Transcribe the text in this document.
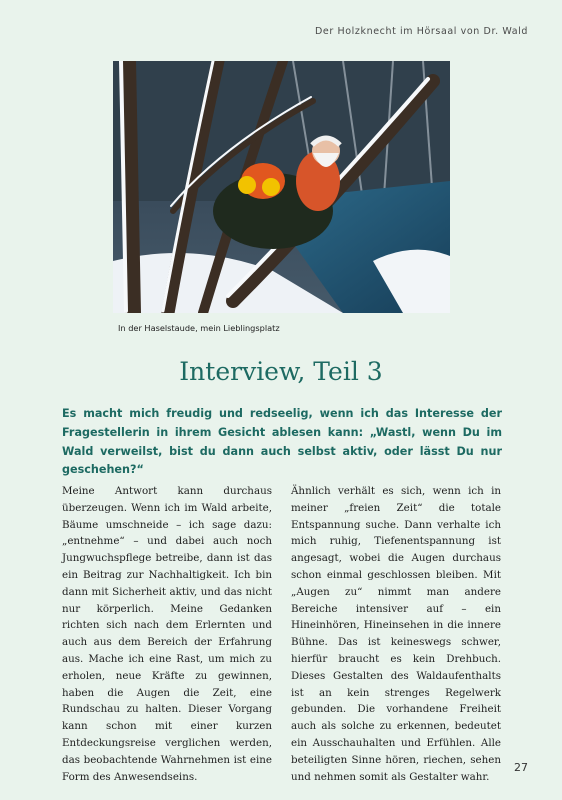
Der Holzknecht im Hörsaal von Dr. Wald
In der Haselstaude, mein Lieblingsplatz
Interview, Teil 3

Es macht mich freudig und redseelig, wenn ich das Interesse der Fragestellerin in ihrem Gesicht ablesen kann: „Wastl, wenn Du im Wald verweilst, bist du dann auch selbst aktiv, oder lässt Du nur geschehen?“

Meine Antwort kann durchaus überzeugen. Wenn ich im Wald arbeite, Bäume umschneide – ich sage dazu: „entnehme“ – und dabei auch noch Jungwuchspflege betreibe, dann ist das ein Beitrag zur Nachhaltigkeit. Ich bin dann mit Sicherheit aktiv, und das nicht nur körperlich. Meine Gedanken richten sich nach dem Erlernten und auch aus dem Bereich der Erfahrung aus. Mache ich eine Rast, um mich zu erholen, neue Kräfte zu gewinnen, haben die Augen die Zeit, eine Rundschau zu halten. Dieser Vorgang kann schon mit einer kurzen Entdeckungsreise verglichen werden, das beobachtende Wahrnehmen ist eine Form des Anwesendseins.

Ähnlich verhält es sich, wenn ich in meiner „freien Zeit“ die totale Entspannung suche. Dann verhalte ich mich ruhig, Tiefenentspannung ist angesagt, wobei die Augen durchaus schon einmal geschlossen bleiben. Mit „Augen zu“ nimmt man andere Bereiche intensiver auf – ein Hineinhören, Hineinsehen in die innere Bühne. Das ist keineswegs schwer, hierfür braucht es kein Drehbuch. Dieses Gestalten des Waldaufenthalts ist an kein strenges Regelwerk gebunden. Die vorhandene Freiheit auch als solche zu erkennen, bedeutet ein Ausschauhalten und Erfühlen. Alle beteiligten Sinne hören, riechen, sehen und nehmen somit als Gestalter wahr.

27
